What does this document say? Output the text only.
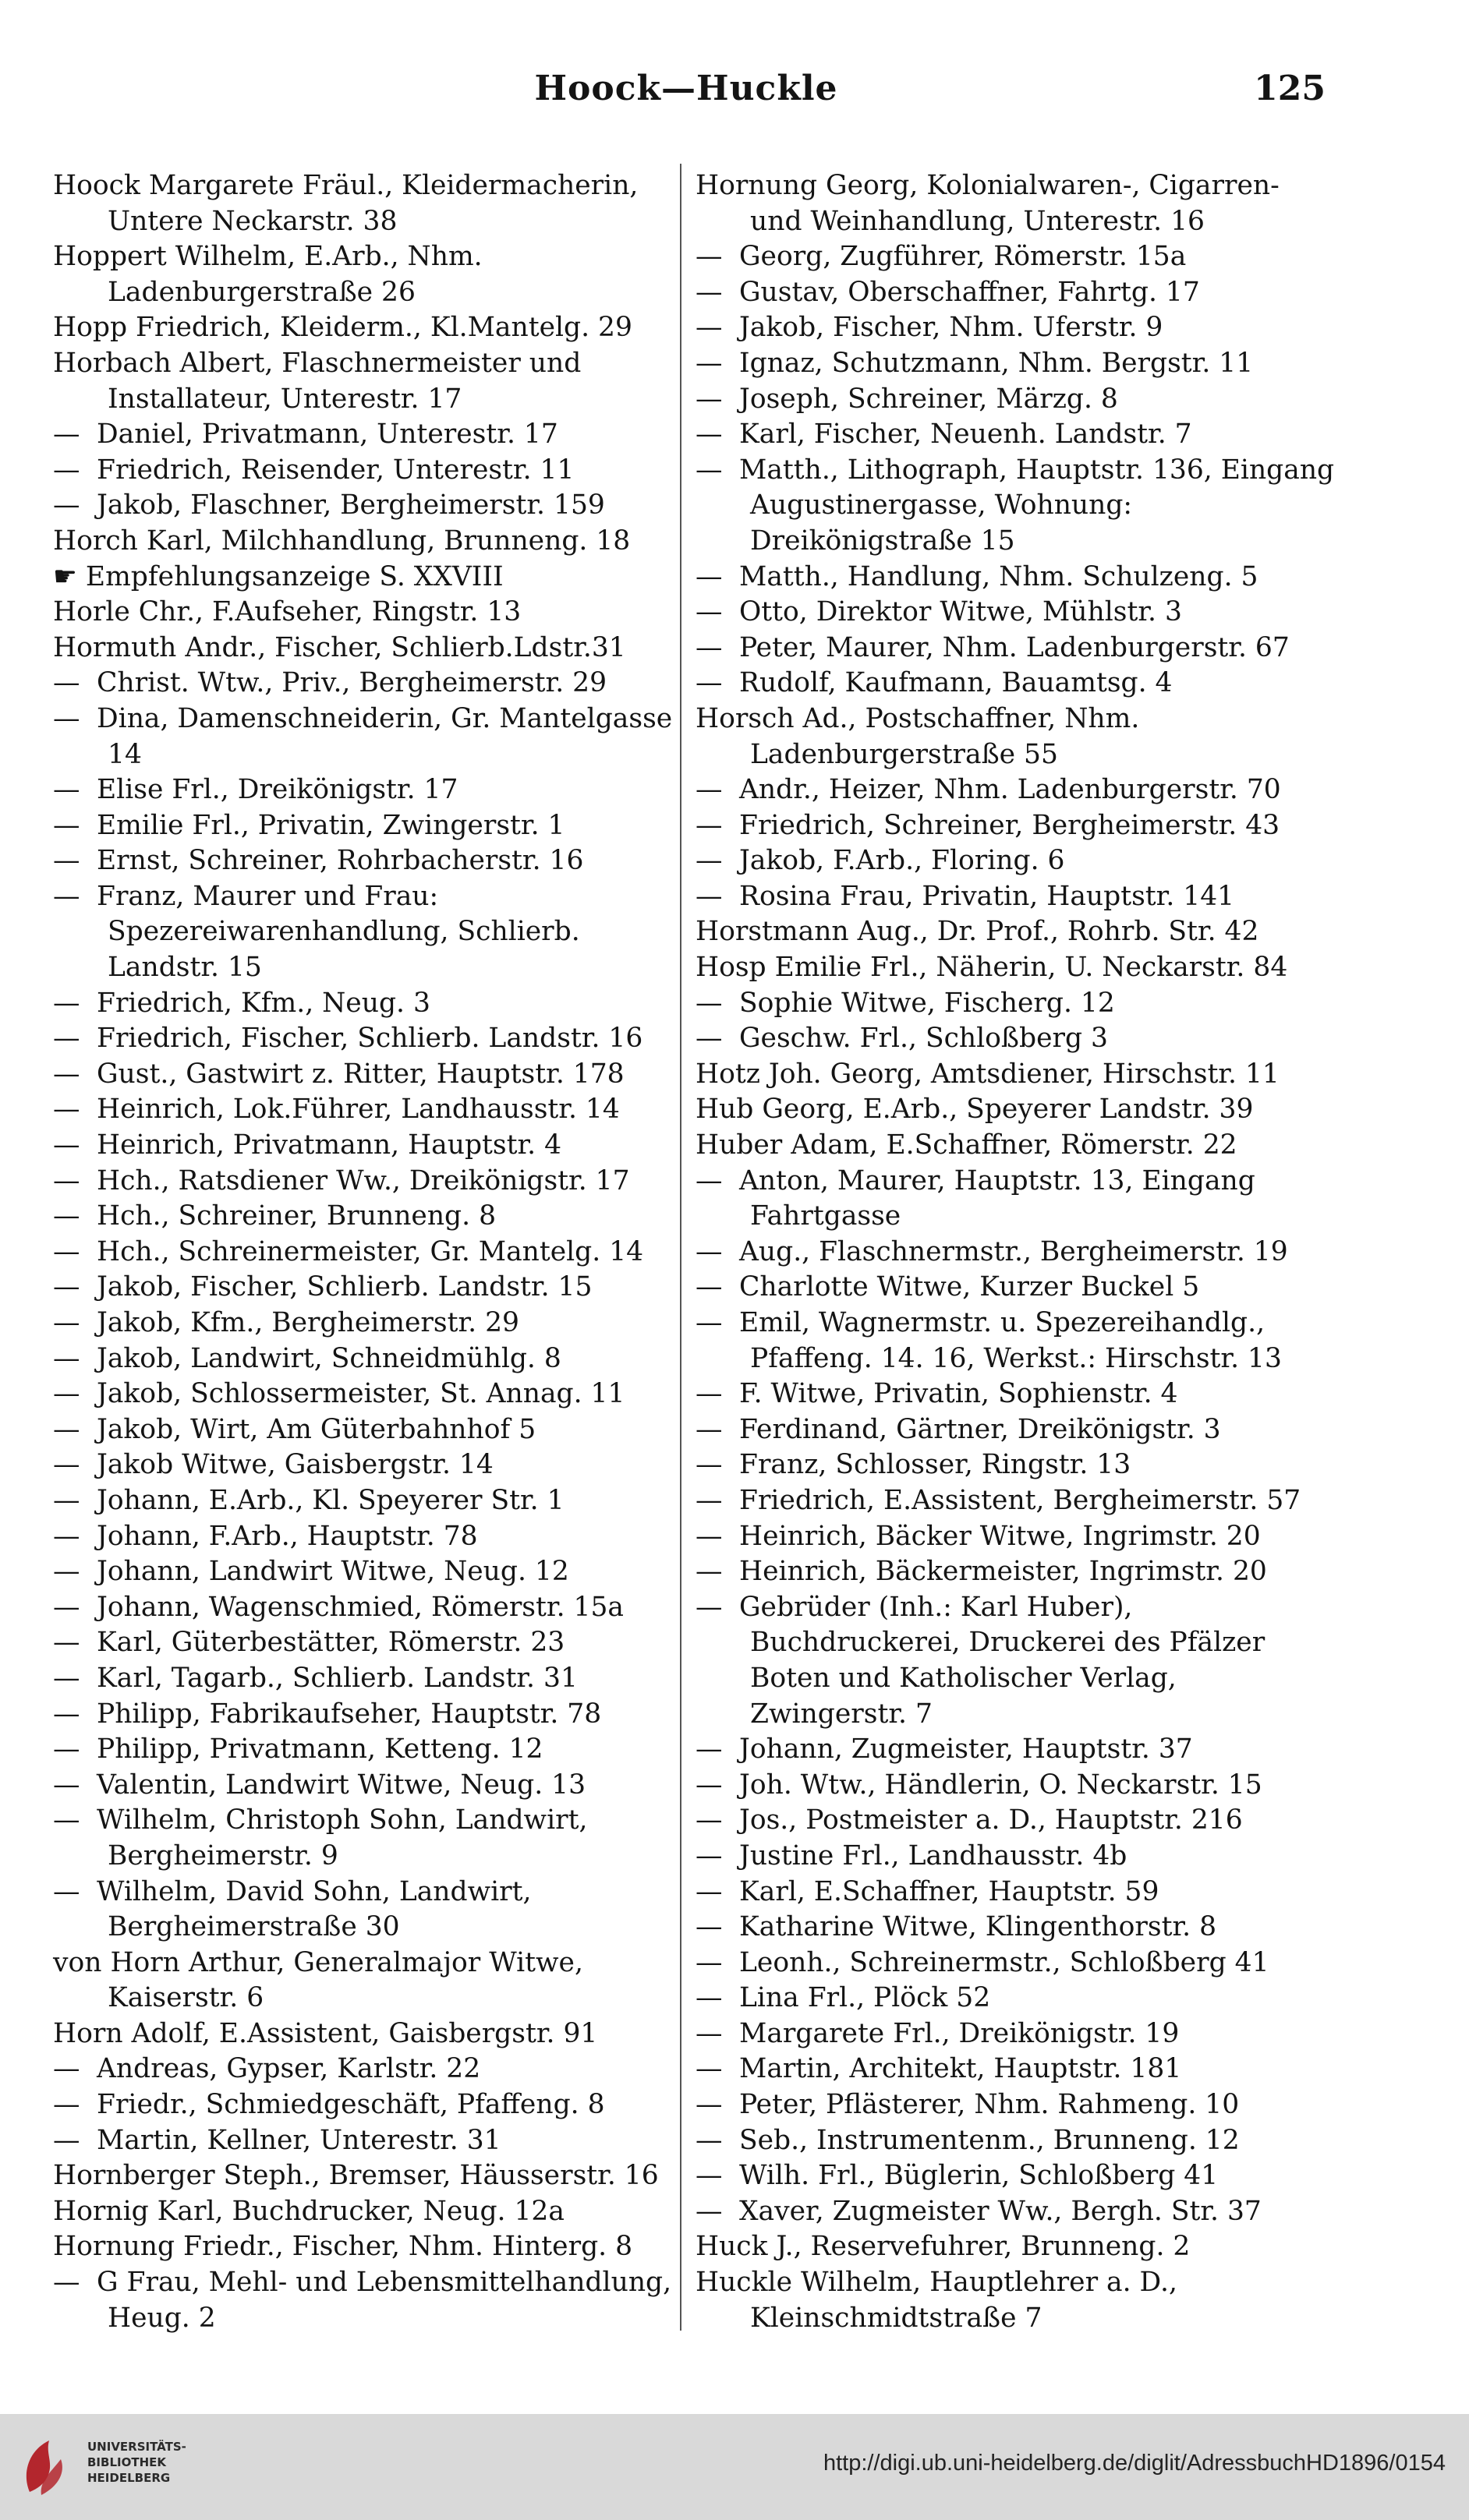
Hoock—Huckle	125
Hoock Margarete Fräul., Kleidermacherin, Untere Neckarstr. 38
Hoppert Wilhelm, E.Arb., Nhm. Ladenburgerstraße 26
Hopp Friedrich, Kleiderm., Kl.Mantelg. 29
Horbach Albert, Flaschnermeister und Installateur, Unterestr. 17
— Daniel, Privatmann, Unterestr. 17
— Friedrich, Reisender, Unterestr. 11
— Jakob, Flaschner, Bergheimerstr. 159
Horch Karl, Milchhandlung, Brunneng. 18
☛ Empfehlungsanzeige S. XXVIII
Horle Chr., F.Aufseher, Ringstr. 13
Hormuth Andr., Fischer, Schlierb.Ldstr.31
— Christ. Wtw., Priv., Bergheimerstr. 29
— Dina, Damenschneiderin, Gr. Mantelgasse 14
— Elise Frl., Dreikönigstr. 17
— Emilie Frl., Privatin, Zwingerstr. 1
— Ernst, Schreiner, Rohrbacherstr. 16
— Franz, Maurer und Frau: Spezereiwarenhandlung, Schlierb. Landstr. 15
— Friedrich, Kfm., Neug. 3
— Friedrich, Fischer, Schlierb. Landstr. 16
— Gust., Gastwirt z. Ritter, Hauptstr. 178
— Heinrich, Lok.Führer, Landhausstr. 14
— Heinrich, Privatmann, Hauptstr. 4
— Hch., Ratsdiener Ww., Dreikönigstr. 17
— Hch., Schreiner, Brunneng. 8
— Hch., Schreinermeister, Gr. Mantelg. 14
— Jakob, Fischer, Schlierb. Landstr. 15
— Jakob, Kfm., Bergheimerstr. 29
— Jakob, Landwirt, Schneidmühlg. 8
— Jakob, Schlossermeister, St. Annag. 11
— Jakob, Wirt, Am Güterbahnhof 5
— Jakob Witwe, Gaisbergstr. 14
— Johann, E.Arb., Kl. Speyerer Str. 1
— Johann, F.Arb., Hauptstr. 78
— Johann, Landwirt Witwe, Neug. 12
— Johann, Wagenschmied, Römerstr. 15a
— Karl, Güterbestätter, Römerstr. 23
— Karl, Tagarb., Schlierb. Landstr. 31
— Philipp, Fabrikaufseher, Hauptstr. 78
— Philipp, Privatmann, Ketteng. 12
— Valentin, Landwirt Witwe, Neug. 13
— Wilhelm, Christoph Sohn, Landwirt, Bergheimerstr. 9
— Wilhelm, David Sohn, Landwirt, Bergheimerstraße 30
von Horn Arthur, Generalmajor Witwe, Kaiserstr. 6
Horn Adolf, E.Assistent, Gaisbergstr. 91
— Andreas, Gypser, Karlstr. 22
— Friedr., Schmiedgeschäft, Pfaffeng. 8
— Martin, Kellner, Unterestr. 31
Hornberger Steph., Bremser, Häusserstr. 16
Hornig Karl, Buchdrucker, Neug. 12a
Hornung Friedr., Fischer, Nhm. Hinterg. 8
— G Frau, Mehl- und Lebensmittelhandlung, Heug. 2
Hornung Georg, Kolonialwaren-, Cigarren- und Weinhandlung, Unterestr. 16
— Georg, Zugführer, Römerstr. 15a
— Gustav, Oberschaffner, Fahrtg. 17
— Jakob, Fischer, Nhm. Uferstr. 9
— Ignaz, Schutzmann, Nhm. Bergstr. 11
— Joseph, Schreiner, Märzg. 8
— Karl, Fischer, Neuenh. Landstr. 7
— Matth., Lithograph, Hauptstr. 136, Eingang Augustinergasse, Wohnung: Dreikönigstraße 15
— Matth., Handlung, Nhm. Schulzeng. 5
— Otto, Direktor Witwe, Mühlstr. 3
— Peter, Maurer, Nhm. Ladenburgerstr. 67
— Rudolf, Kaufmann, Bauamtsg. 4
Horsch Ad., Postschaffner, Nhm. Ladenburgerstraße 55
— Andr., Heizer, Nhm. Ladenburgerstr. 70
— Friedrich, Schreiner, Bergheimerstr. 43
— Jakob, F.Arb., Floring. 6
— Rosina Frau, Privatin, Hauptstr. 141
Horstmann Aug., Dr. Prof., Rohrb. Str. 42
Hosp Emilie Frl., Näherin, U. Neckarstr. 84
— Sophie Witwe, Fischerg. 12
— Geschw. Frl., Schloßberg 3
Hotz Joh. Georg, Amtsdiener, Hirschstr. 11
Hub Georg, E.Arb., Speyerer Landstr. 39
Huber Adam, E.Schaffner, Römerstr. 22
— Anton, Maurer, Hauptstr. 13, Eingang Fahrtgasse
— Aug., Flaschnermstr., Bergheimerstr. 19
— Charlotte Witwe, Kurzer Buckel 5
— Emil, Wagnermstr. u. Spezereihandlg., Pfaffeng. 14. 16, Werkst.: Hirschstr. 13
— F. Witwe, Privatin, Sophienstr. 4
— Ferdinand, Gärtner, Dreikönigstr. 3
— Franz, Schlosser, Ringstr. 13
— Friedrich, E.Assistent, Bergheimerstr. 57
— Heinrich, Bäcker Witwe, Ingrimstr. 20
— Heinrich, Bäckermeister, Ingrimstr. 20
— Gebrüder (Inh.: Karl Huber), Buchdruckerei, Druckerei des Pfälzer Boten und Katholischer Verlag, Zwingerstr. 7
— Johann, Zugmeister, Hauptstr. 37
— Joh. Wtw., Händlerin, O. Neckarstr. 15
— Jos., Postmeister a. D., Hauptstr. 216
— Justine Frl., Landhausstr. 4b
— Karl, E.Schaffner, Hauptstr. 59
— Katharine Witwe, Klingenthorstr. 8
— Leonh., Schreinermstr., Schloßberg 41
— Lina Frl., Plöck 52
— Margarete Frl., Dreikönigstr. 19
— Martin, Architekt, Hauptstr. 181
— Peter, Pflästerer, Nhm. Rahmeng. 10
— Seb., Instrumentenm., Brunneng. 12
— Wilh. Frl., Büglerin, Schloßberg 41
— Xaver, Zugmeister Ww., Bergh. Str. 37
Huck J., Reservefuhrer, Brunneng. 2
Huckle Wilhelm, Hauptlehrer a. D., Kleinschmidtstraße 7
UNIVERSITÄTS-
BIBLIOTHEK
HEIDELBERG
http://digi.ub.uni-heidelberg.de/diglit/AdressbuchHD1896/0154
